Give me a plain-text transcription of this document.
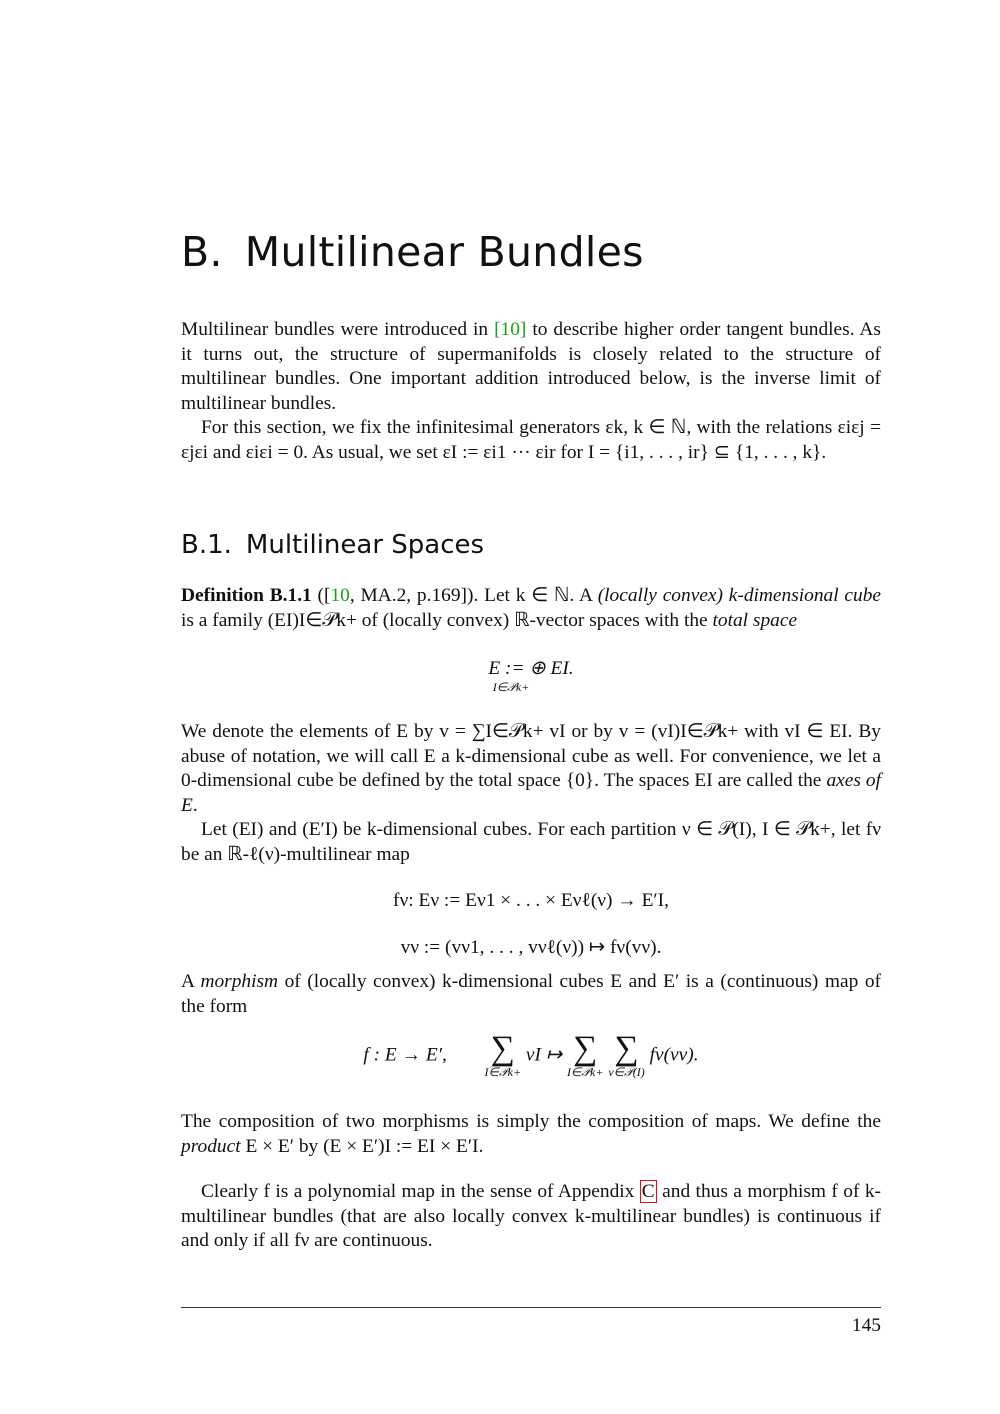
B. Multilinear Bundles

Multilinear bundles were introduced in [10] to describe higher order tangent bundles. As it turns out, the structure of supermanifolds is closely related to the structure of multilinear bundles. One important addition introduced below, is the inverse limit of multilinear bundles.

For this section, we fix the infinitesimal generators εk, k ∈ ℕ, with the relations εiεj = εjεi and εiεi = 0. As usual, we set εI := εi1 ··· εir for I = {i1, . . . , ir} ⊆ {1, . . . , k}.

B.1. Multilinear Spaces

Definition B.1.1 ([10, MA.2, p.169]). Let k ∈ ℕ. A (locally convex) k-dimensional cube is a family (EI)I∈𝒫k+ of (locally convex) ℝ-vector spaces with the total space

E := ⊕ EI.
I∈𝒫k+

We denote the elements of E by v = ∑I∈𝒫k+ vI or by v = (vI)I∈𝒫k+ with vI ∈ EI. By abuse of notation, we will call E a k-dimensional cube as well. For convenience, we let a 0-dimensional cube be defined by the total space {0}. The spaces EI are called the axes of E.

Let (EI) and (E′I) be k-dimensional cubes. For each partition ν ∈ 𝒫(I), I ∈ 𝒫k+, let fν be an ℝ-ℓ(ν)-multilinear map

fν: Eν := Eν1 × . . . × Eνℓ(ν) → E′I,
vν := (vν1, . . . , vνℓ(ν)) ↦ fν(vν).

A morphism of (locally convex) k-dimensional cubes E and E′ is a (continuous) map of the form

f : E → E′, ∑
I∈𝒫k+
vI ↦ ∑
I∈𝒫k+

∑
ν∈𝒫(I)
fν(vν).

The composition of two morphisms is simply the composition of maps. We define the product E × E′ by (E × E′)I := EI × E′I.

Clearly f is a polynomial map in the sense of Appendix C and thus a morphism f of k-multilinear bundles (that are also locally convex k-multilinear bundles) is continuous if and only if all fν are continuous.

145
